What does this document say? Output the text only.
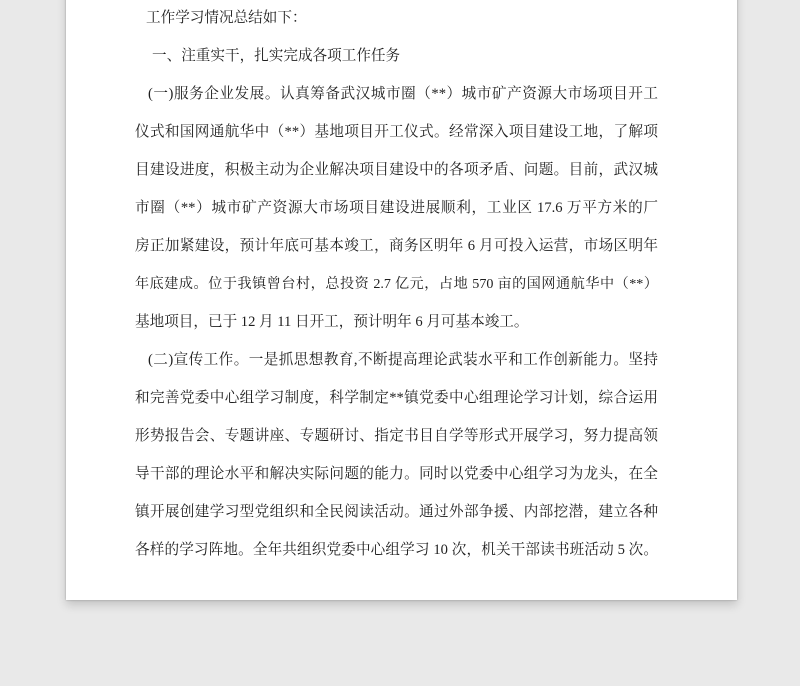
工作学习情况总结如下：
一、注重实干，扎实完成各项工作任务
(一)服务企业发展。认真筹备武汉城市圈（**）城市矿产资源大市场项目开工
仪式和国网通航华中（**）基地项目开工仪式。经常深入项目建设工地，了解项
目建设进度，积极主动为企业解决项目建设中的各项矛盾、问题。目前，武汉城
市圈（**）城市矿产资源大市场项目建设进展顺利，工业区 17.6 万平方米的厂
房正加紧建设，预计年底可基本竣工，商务区明年 6 月可投入运营，市场区明年
年底建成。位于我镇曾台村，总投资 2.7 亿元，占地 570 亩的国网通航华中（**）
基地项目，已于 12 月 11 日开工，预计明年 6 月可基本竣工。
(二)宣传工作。一是抓思想教育,不断提高理论武装水平和工作创新能力。坚持
和完善党委中心组学习制度，科学制定**镇党委中心组理论学习计划，综合运用
形势报告会、专题讲座、专题研讨、指定书目自学等形式开展学习，努力提高领
导干部的理论水平和解决实际问题的能力。同时以党委中心组学习为龙头，在全
镇开展创建学习型党组织和全民阅读活动。通过外部争援、内部挖潜，建立各种
各样的学习阵地。全年共组织党委中心组学习 10 次，机关干部读书班活动 5 次。
